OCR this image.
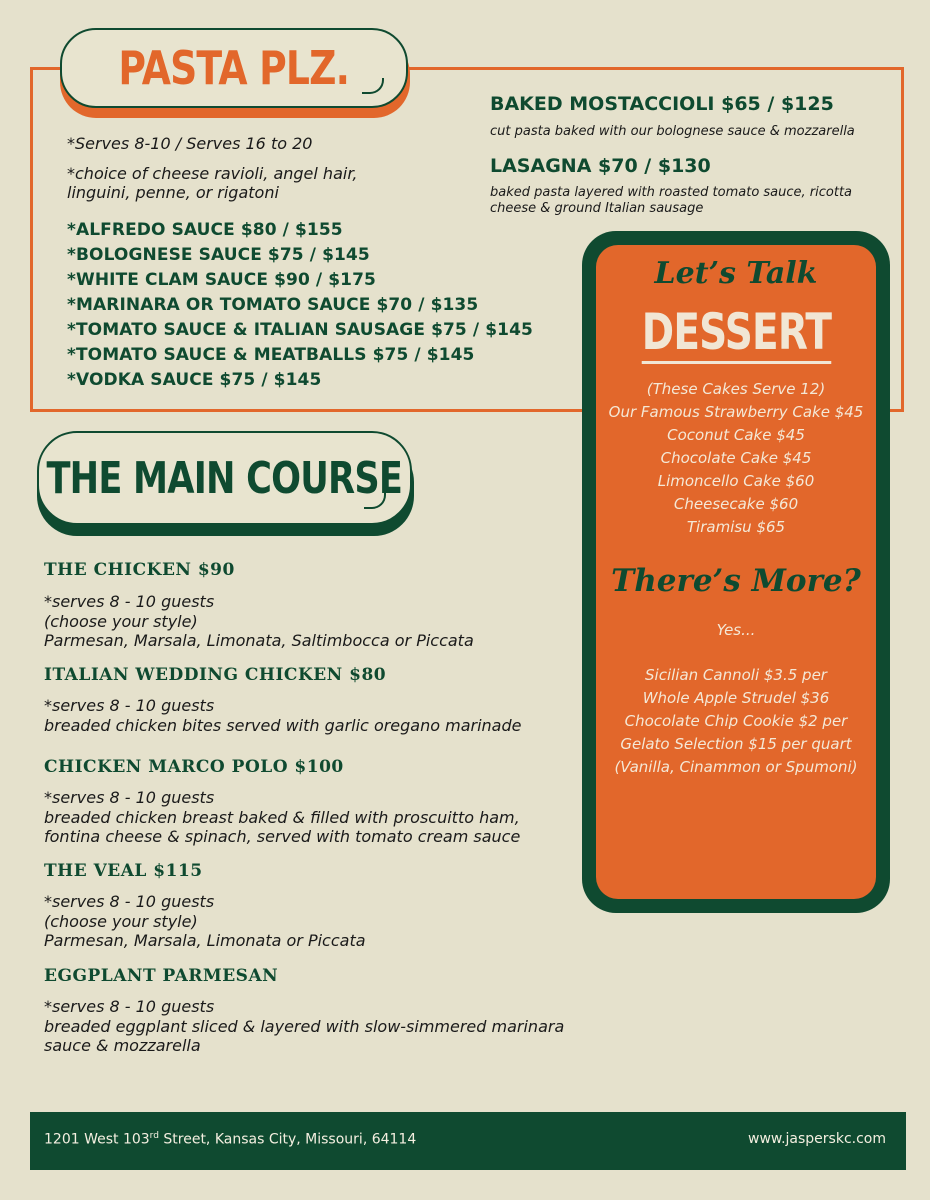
PASTA PLZ.
*Serves 8-10 / Serves 16 to 20
*choice of cheese ravioli, angel hair,
linguini, penne, or rigatoni
*ALFREDO SAUCE $80 / $155
*BOLOGNESE SAUCE $75 / $145
*WHITE CLAM SAUCE $90 / $175
*MARINARA OR TOMATO SAUCE $70 / $135
*TOMATO SAUCE & ITALIAN SAUSAGE $75 / $145
*TOMATO SAUCE & MEATBALLS $75 / $145
*VODKA SAUCE $75 / $145
BAKED MOSTACCIOLI $65 / $125
cut pasta baked with our bolognese sauce & mozzarella
LASAGNA $70 / $130
baked pasta layered with roasted tomato sauce, ricotta
cheese & ground Italian sausage
THE MAIN COURSE
THE CHICKEN $90
*serves 8 - 10 guests
(choose your style)
Parmesan, Marsala, Limonata, Saltimbocca or Piccata
ITALIAN WEDDING CHICKEN $80
*serves 8 - 10 guests
breaded chicken bites served with garlic oregano marinade
CHICKEN MARCO POLO $100
*serves 8 - 10 guests
breaded chicken breast baked & filled with proscuitto ham,
fontina cheese & spinach, served with tomato cream sauce
THE VEAL $115
*serves 8 - 10 guests
(choose your style)
Parmesan, Marsala, Limonata or Piccata
EGGPLANT PARMESAN
*serves 8 - 10 guests
breaded eggplant sliced & layered with slow-simmered marinara
sauce & mozzarella
Let’s Talk
DESSERT
(These Cakes Serve 12)
Our Famous Strawberry Cake $45
Coconut Cake $45
Chocolate Cake $45
Limoncello Cake $60
Cheesecake $60
Tiramisu $65
There’s More?
Yes...
Sicilian Cannoli $3.5 per
Whole Apple Strudel $36
Chocolate Chip Cookie $2 per
Gelato Selection $15 per quart
(Vanilla, Cinammon or Spumoni)
1201 West 103rd Street, Kansas City, Missouri, 64114	www.jasperskc.com
